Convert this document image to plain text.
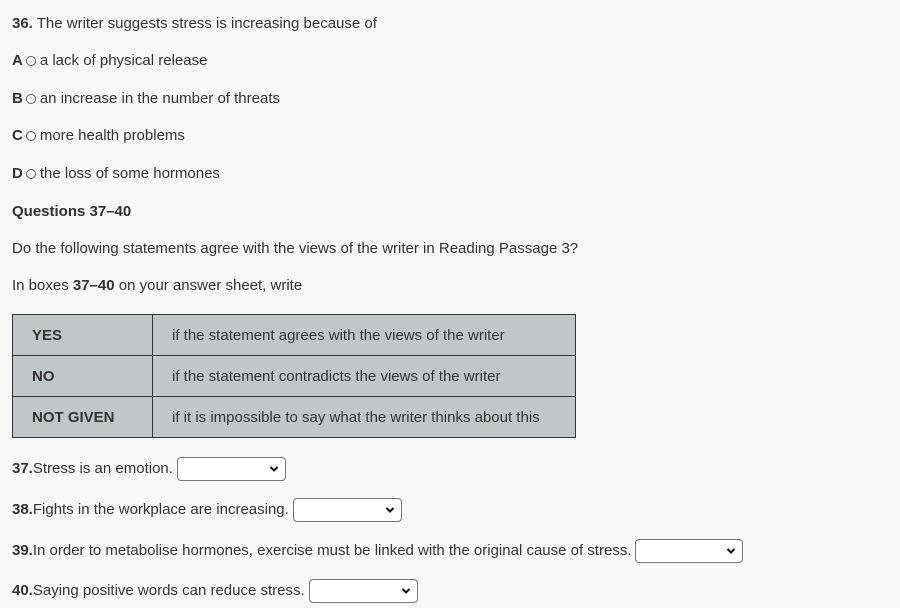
36. The writer suggests stress is increasing because of
A a lack of physical release
B an increase in the number of threats
C more health problems
D the loss of some hormones
Questions 37–40
Do the following statements agree with the views of the writer in Reading Passage 3?
In boxes 37–40 on your answer sheet, write
YES	if the statement agrees with the views of the writer
NO	if the statement contradicts the views of the writer
NOT GIVEN	if it is impossible to say what the writer thinks about this
37. Stress is an emotion.
38. Fights in the workplace are increasing.
39. In order to metabolise hormones, exercise must be linked with the original cause of stress.
40. Saying positive words can reduce stress.
